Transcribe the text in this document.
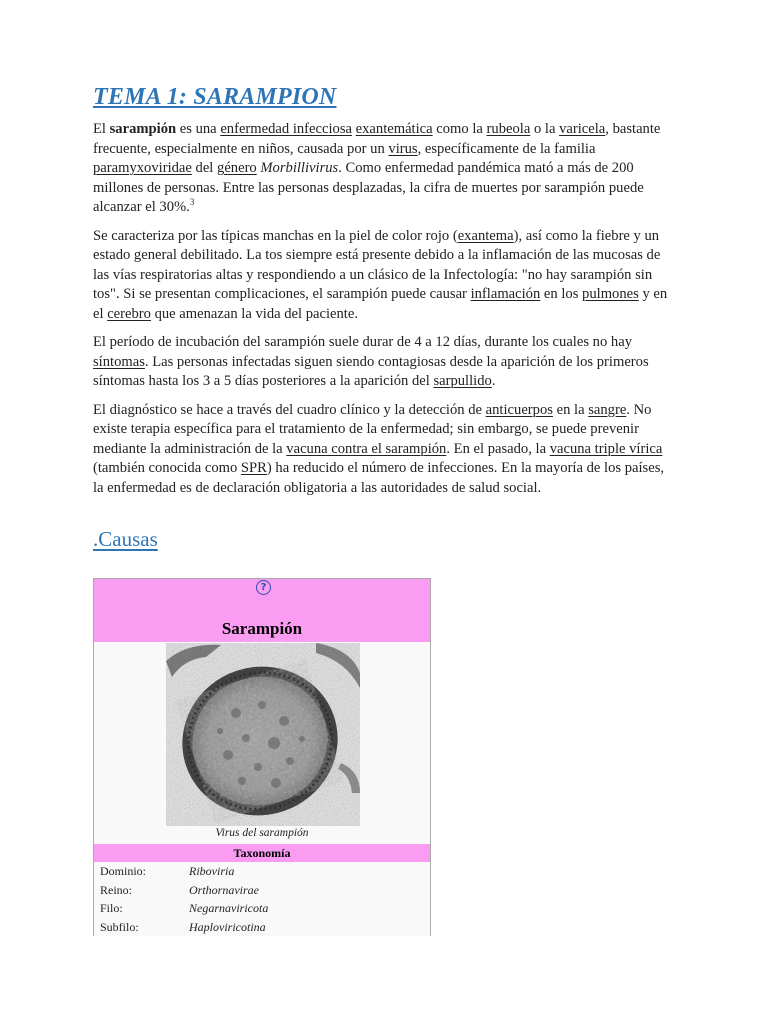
TEMA 1: SARAMPION

El sarampión es una enfermedad infecciosa exantemática como la rubeola o la varicela, bastante frecuente, especialmente en niños, causada por un virus, específicamente de la familia paramyxoviridae del género Morbillivirus. Como enfermedad pandémica mató a más de 200 millones de personas. Entre las personas desplazadas, la cifra de muertes por sarampión puede alcanzar el 30%.$^3$

Se caracteriza por las típicas manchas en la piel de color rojo (exantema), así como la fiebre y un estado general debilitado. La tos siempre está presente debido a la inflamación de las mucosas de las vías respiratorias altas y respondiendo a un clásico de la Infectología: "no hay sarampión sin tos". Si se presentan complicaciones, el sarampión puede causar inflamación en los pulmones y en el cerebro que amenazan la vida del paciente.

El período de incubación del sarampión suele durar de 4 a 12 días, durante los cuales no hay síntomas. Las personas infectadas siguen siendo contagiosas desde la aparición de los primeros síntomas hasta los 3 a 5 días posteriores a la aparición del sarpullido.

El diagnóstico se hace a través del cuadro clínico y la detección de anticuerpos en la sangre. No existe terapia específica para el tratamiento de la enfermedad; sin embargo, se puede prevenir mediante la administración de la vacuna contra el sarampión. En el pasado, la vacuna triple vírica (también conocida como SPR) ha reducido el número de infecciones. En la mayoría de los países, la enfermedad es de declaración obligatoria a las autoridades de salud social.

.Causas
?
Sarampión
Virus del sarampión
Taxonomía
Dominio:	Riboviria
Reino:	Orthornavirae
Filo:	Negarnaviricota
Subfilo:	Haploviricotina
